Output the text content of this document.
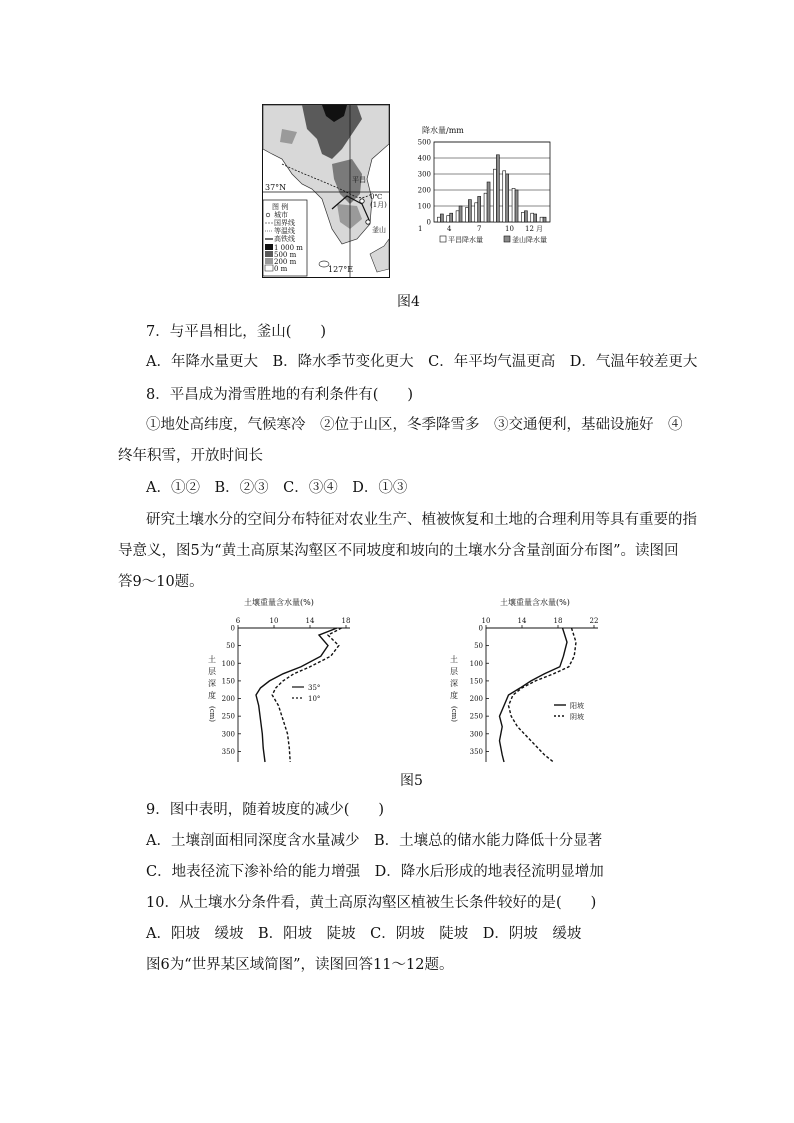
37°N
127°E
0℃
(1月)
平昌
釜山
图 例
城市
国界线
等温线
高铁线
1 000 m
500 m
200 m
0 m
降水量/mm
500
400
300
200
100
0
1	4	7	10 12 月
平昌降水量	釜山降水量
图4
7．与平昌相比，釜山(　　)
A．年降水量更大　B．降水季节变化更大　C．年平均气温更高　D．气温年较差更大
8．平昌成为滑雪胜地的有利条件有(　　)
①地处高纬度，气候寒冷　②位于山区，冬季降雪多　③交通便利，基础设施好　④
终年积雪，开放时间长
A．①②　B．②③　C．③④　D．①③
研究土壤水分的空间分布特征对农业生产、植被恢复和土地的合理利用等具有重要的指
导意义，图5为“黄土高原某沟壑区不同坡度和坡向的土壤水分含量剖面分布图”。读图回
答9～10题。
土壤重量含水量(%)
6	10	14	18
0
50
100
150
200
250
300
350
土
层
深
度
(cm)
35°
10°
土壤重量含水量(%)
10	14	18	22
0
50
100
150
200
250
300
350
土
层
深
度
(cm)	阳坡
阴坡
图5
9．图中表明，随着坡度的减少(　　)
A．土壤剖面相同深度含水量减少　B．土壤总的储水能力降低十分显著
C．地表径流下渗补给的能力增强　D．降水后形成的地表径流明显增加
10．从土壤水分条件看，黄土高原沟壑区植被生长条件较好的是(　　)
A．阳坡　缓坡　B．阳坡　陡坡　C．阴坡　陡坡　D．阴坡　缓坡
图6为“世界某区域简图”，读图回答11～12题。
